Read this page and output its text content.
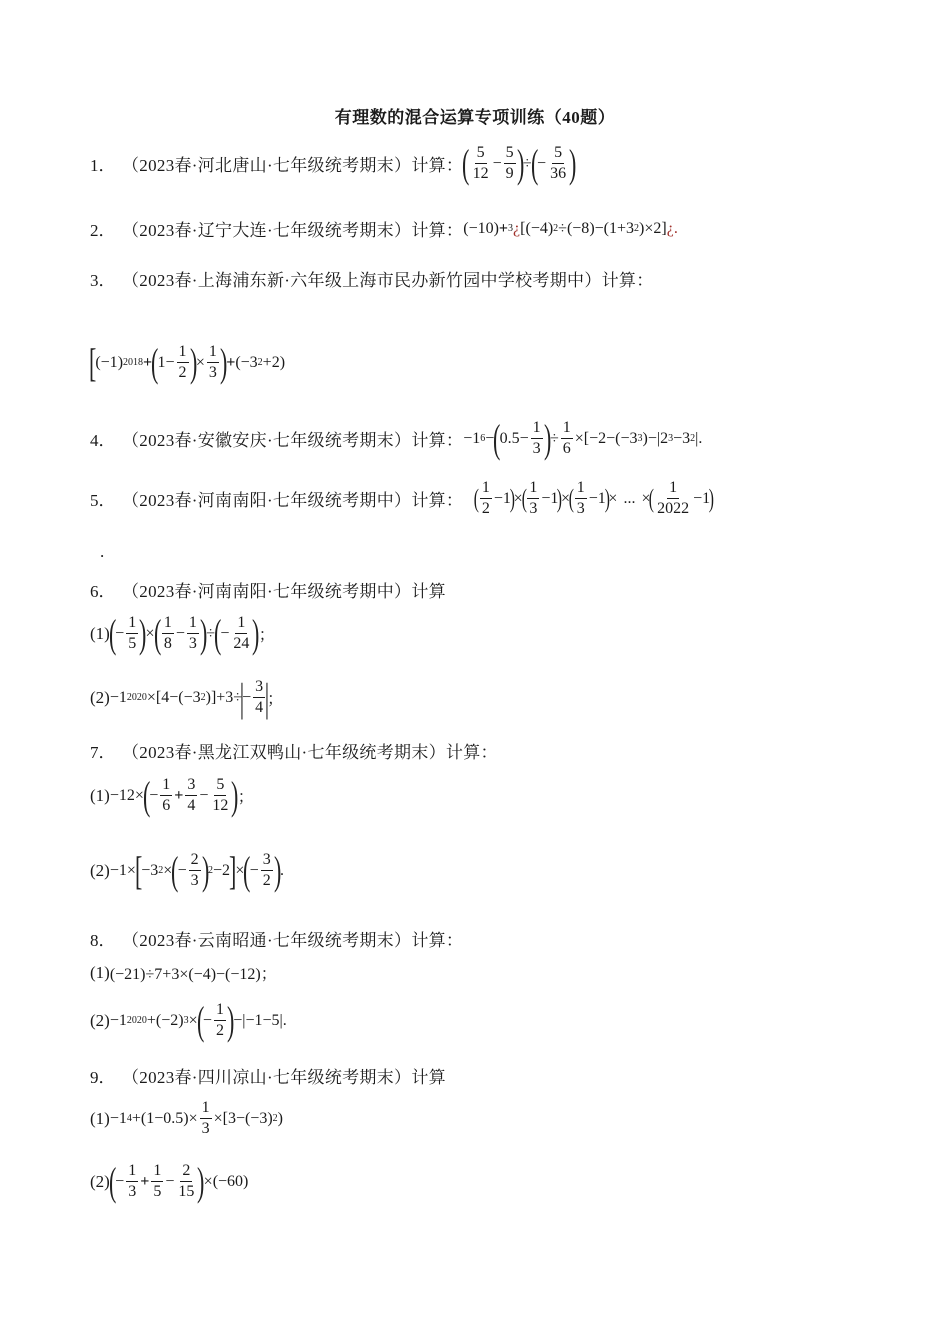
有理数的混合运算专项训练（40题）
1． （2023春·河北唐山·七年级统考期末）计算：
( $\frac{5}{12} - \frac{5}{9}$ )
÷
(
− $\frac{5}{36}$ )
2． （2023春·辽宁大连·七年级统考期末）计算： ( −10 ) + 3 ¿ [( −4 ) 2 ÷ ( −8 ) − ( 1+3 2 ) ×2 ] ¿.
3． （2023春·上海浦东新·六年级上海市民办新竹园中学校考期中）计算：
[
( −1 ) 2018 +
(
$1 - \frac{1}{2}$ )
× $\frac{1}{3}$ )
+ ( −3 2 +2 )
4． （2023春·安徽安庆·七年级统考期末）计算： −1 6 −
(
$0.5 - \frac{1}{3}$ )
÷ $\frac{1}{6}$ ×[ −2− ( −3 3 ) −| 2 3 − 3 2 |.
5． （2023春·河南南阳·七年级统考期中）计算： ( $\frac{1}{2} -1$
)
×
( $\frac{1}{3} -1$
)
×
( $\frac{1}{3} -1$
)
× ... ×
( $\frac{1}{2022} -1$
)
.
6． （2023春·河南南阳·七年级统考期中）计算
(1)
(
− $\frac{1}{5}$ )
×
( $\frac{1}{8} - \frac{1}{3}$ )
÷
(
− $\frac{1}{24}$ )
；
(2) −1 2020 ×[ 4− ( −3 2 )] +3÷
|
− $\frac{3}{4}$ |
；
7． （2023春·黑龙江双鸭山·七年级统考期末）计算：
(1) −12×
(
− $\frac{1}{6} + \frac{3}{4} - \frac{5}{12}$ )
；
(2) −1×
[
−3 2 ×
(
− $\frac{2}{3}$ )
2 −2
]
×
(
− $\frac{3}{2}$ )
.
8． （2023春·云南昭通·七年级统考期末）计算：
(1) (−21)÷7+3×(−4)−(−12)；
(2) −1 2020 +(−2) 3 ×
(
− $\frac{1}{2}$ )
−|−1−5|.
9． （2023春·四川凉山·七年级统考期末）计算
(1) −1 $4 +(1-0.5)\times \frac{1}{3} \times[3-(-3)$ 2 )
(2)
(
− $\frac{1}{3} + \frac{1}{5} - \frac{2}{15}$ )
×(−60)
